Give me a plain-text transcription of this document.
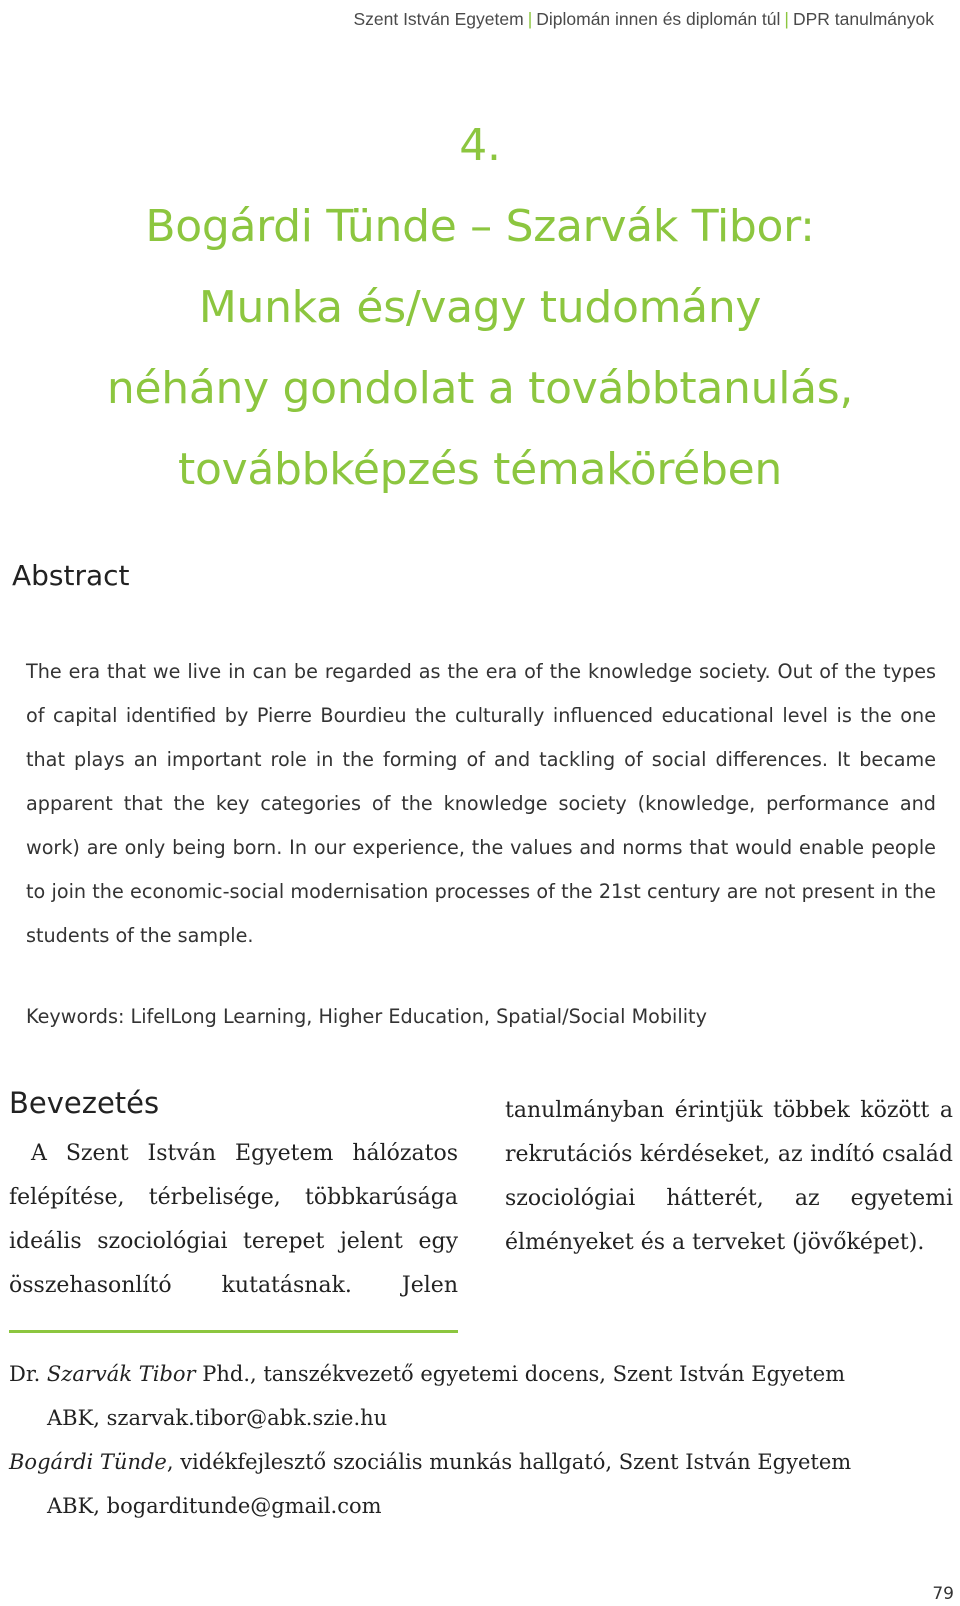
Szent István Egyetem | Diplomán innen és diplomán túl | DPR tanulmányok
4.
Bogárdi Tünde – Szarvák Tibor:
Munka és/vagy tudomány
néhány gondolat a továbbtanulás,
továbbképzés témakörében
Abstract

The era that we live in can be regarded as the era of the knowledge society. Out of the types of capital identified by Pierre Bourdieu the culturally influenced educational level is the one that plays an important role in the forming of and tackling of social differences. It became apparent that the key categories of the knowledge society (knowledge, performance and work) are only being born. In our experience, the values and norms that would enable people to join the economic-social modernisation processes of the 21st century are not present in the students of the sample.

Keywords: LifelLong Learning, Higher Education, Spatial/Social Mobility
Bevezetés

A Szent István Egyetem hálózatos felépítése, térbelisége, többkarúsága ideális szociológiai terepet jelent egy összehasonlító kutatásnak. Jelen

tanulmányban érintjük többek között a rekrutációs kérdéseket, az indító család szociológiai hátterét, az egyetemi élményeket és a terveket (jövőképet).

Dr. Szarvák Tibor Phd., tanszékvezető egyetemi docens, Szent István Egyetem
ABK, szarvak.tibor@abk.szie.hu

Bogárdi Tünde, vidékfejlesztő szociális munkás hallgató, Szent István Egyetem
ABK, bogarditunde@gmail.com

79
